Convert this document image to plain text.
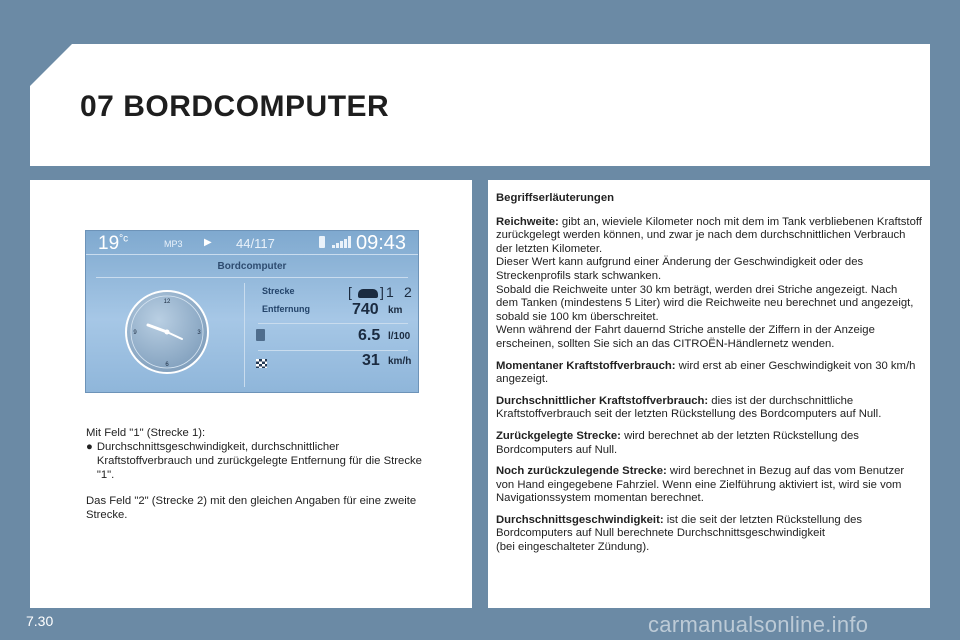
07 BORDCOMPUTER
$19^{^\circ c}$	MP3 ▶ 44/117	09:43
Bordcomputer
12
3
6
9
Strecke
Entfernung
[ ] 1 2
740 km
6.5 l/100
31 km/h
Mit Feld "1" (Strecke 1):

● Durchschnittsgeschwindigkeit, durchschnittlicher Kraftstoffverbrauch und zurückgelegte Entfernung für die Strecke "1".

Das Feld "2" (Strecke 2) mit den gleichen Angaben für eine zweite Strecke.

Begriffserläuterungen

Reichweite: gibt an, wieviele Kilometer noch mit dem im Tank verbliebenen Kraftstoff zurückgelegt werden können, und zwar je nach dem durchschnittlichen Verbrauch der letzten Kilometer.
Dieser Wert kann aufgrund einer Änderung der Geschwindigkeit oder des Streckenprofils stark schwanken.
Sobald die Reichweite unter 30 km beträgt, werden drei Striche angezeigt. Nach dem Tanken (mindestens 5 Liter) wird die Reichweite neu berechnet und angezeigt, sobald sie 100 km überschreitet.
Wenn während der Fahrt dauernd Striche anstelle der Ziffern in der Anzeige erscheinen, sollten Sie sich an das CITROËN-Händlernetz wenden.

Momentaner Kraftstoffverbrauch: wird erst ab einer Geschwindigkeit von 30 km/h angezeigt.

Durchschnittlicher Kraftstoffverbrauch: dies ist der durchschnittliche Kraftstoffverbrauch seit der letzten Rückstellung des Bordcomputers auf Null.

Zurückgelegte Strecke: wird berechnet ab der letzten Rückstellung des Bordcomputers auf Null.

Noch zurückzulegende Strecke: wird berechnet in Bezug auf das vom Benutzer von Hand eingegebene Fahrziel. Wenn eine Zielführung aktiviert ist, wird sie vom Navigationssystem momentan berechnet.

Durchschnittsgeschwindigkeit: ist die seit der letzten Rückstellung des Bordcomputers auf Null berechnete Durchschnittsgeschwindigkeit
(bei eingeschalteter Zündung).

7.30	carmanualsonline.info
